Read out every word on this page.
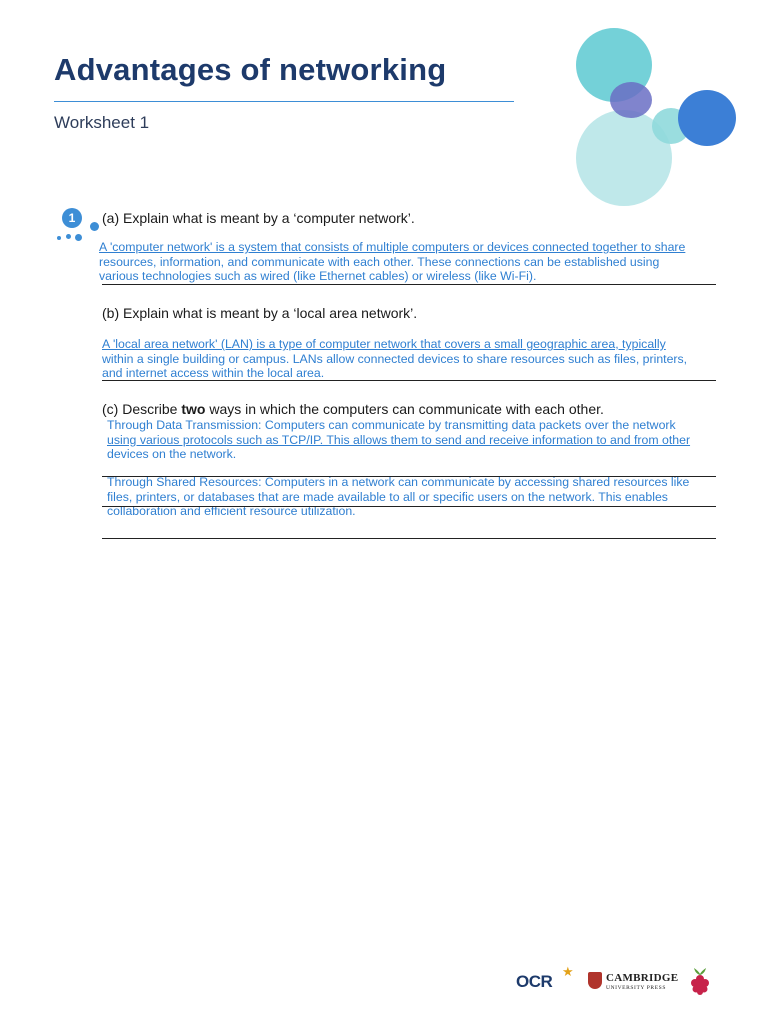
Advantages of networking
Worksheet 1
1	(a) Explain what is meant by a ‘computer network’.
A 'computer network' is a system that consists of multiple computers or devices connected together to share
resources, information, and communicate with each other. These connections can be established using
various technologies such as wired (like Ethernet cables) or wireless (like Wi-Fi).
(b) Explain what is meant by a ‘local area network’.
A 'local area network' (LAN) is a type of computer network that covers a small geographic area, typically
within a single building or campus. LANs allow connected devices to share resources such as files, printers,
and internet access within the local area.
(c) Describe two ways in which the computers can communicate with each other.
Through Data Transmission: Computers can communicate by transmitting data packets over the network
using various protocols such as TCP/IP. This allows them to send and receive information to and from other
devices on the network.
Through Shared Resources: Computers in a network can communicate by accessing shared resources like
files, printers, or databases that are made available to all or specific users on the network. This enables
collaboration and efficient resource utilization.
OCR
★	CAMBRIDGE
UNIVERSITY PRESS
